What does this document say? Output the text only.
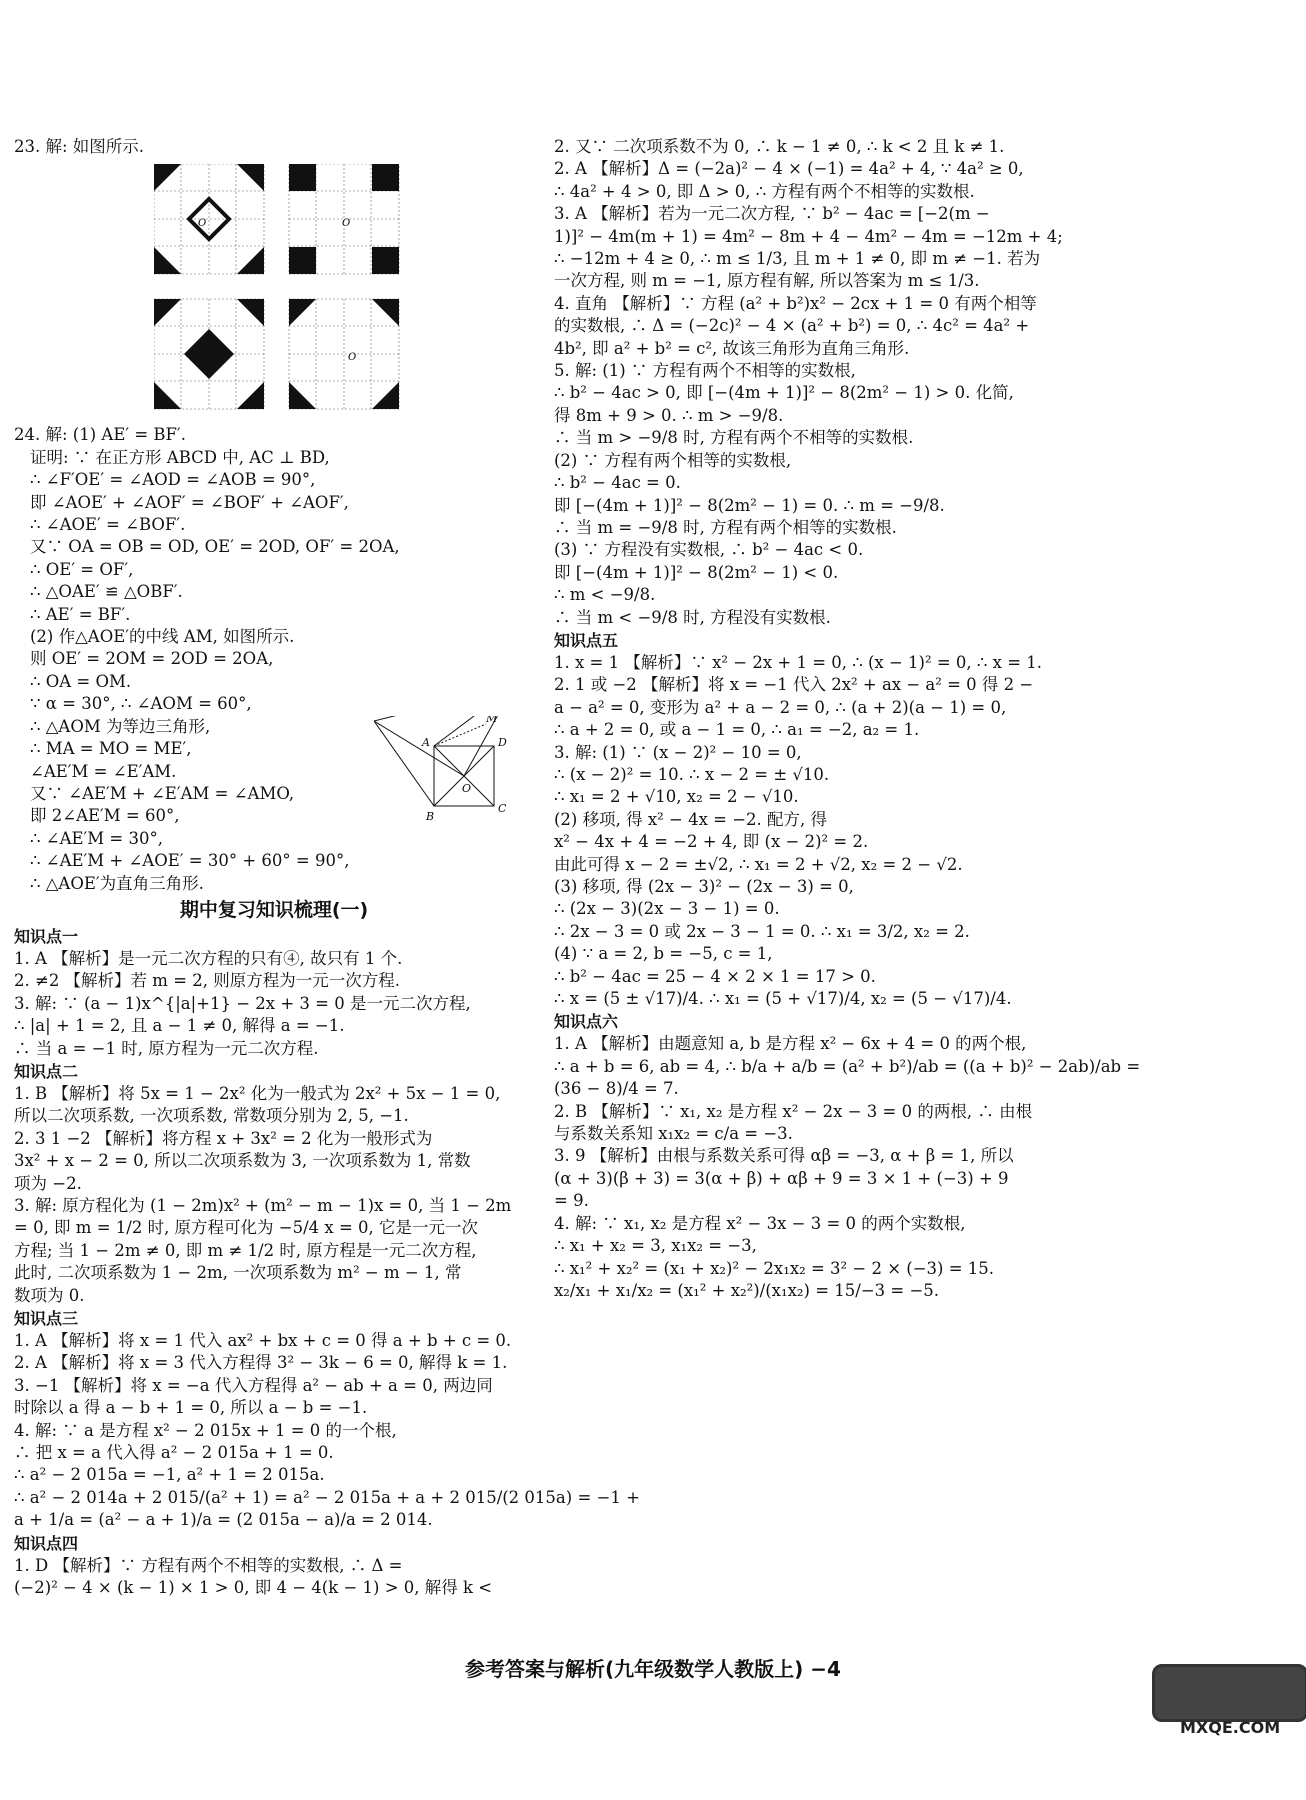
23. 解: 如图所示.
O	O
O
24. 解: (1) AE′ = BF′.
证明: ∵ 在正方形 ABCD 中, AC ⊥ BD,
∴ ∠F′OE′ = ∠AOD = ∠AOB = 90°,
即 ∠AOE′ + ∠AOF′ = ∠BOF′ + ∠AOF′,
∴ ∠AOE′ = ∠BOF′.
又∵ OA = OB = OD, OE′ = 2OD, OF′ = 2OA,
∴ OE′ = OF′,
∴ △OAE′ ≌ △OBF′.
∴ AE′ = BF′.
(2) 作△AOE′的中线 AM, 如图所示.
则 OE′ = 2OM = 2OD = 2OA,
∴ OA = OM.
∵ α = 30°, ∴ ∠AOM = 60°,
∴ △AOM 为等边三角形,
∴ MA = MO = ME′,
∠AE′M = ∠E′AM.
又∵ ∠AE′M + ∠E′AM = ∠AMO,
即 2∠AE′M = 60°,
∴ ∠AE′M = 30°,
∴ ∠AE′M + ∠AOE′ = 30° + 60° = 90°,
∴ △AOE′为直角三角形.
期中复习知识梳理(一)
知识点一
1. A 【解析】是一元二次方程的只有④, 故只有 1 个.
2. ≠2 【解析】若 m = 2, 则原方程为一元一次方程.
3. 解: ∵ (a − 1)x^{|a|+1} − 2x + 3 = 0 是一元二次方程,
∴ |a| + 1 = 2, 且 a − 1 ≠ 0, 解得 a = −1.
∴ 当 a = −1 时, 原方程为一元二次方程.
知识点二
1. B 【解析】将 5x = 1 − 2x² 化为一般式为 2x² + 5x − 1 = 0,
所以二次项系数, 一次项系数, 常数项分别为 2, 5, −1.
2. 3 1 −2 【解析】将方程 x + 3x² = 2 化为一般形式为
3x² + x − 2 = 0, 所以二次项系数为 3, 一次项系数为 1, 常数
项为 −2.
3. 解: 原方程化为 (1 − 2m)x² + (m² − m − 1)x = 0, 当 1 − 2m
= 0, 即 m = 1/2 时, 原方程可化为 −5/4 x = 0, 它是一元一次
方程; 当 1 − 2m ≠ 0, 即 m ≠ 1/2 时, 原方程是一元二次方程,
此时, 二次项系数为 1 − 2m, 一次项系数为 m² − m − 1, 常
数项为 0.
知识点三
1. A 【解析】将 x = 1 代入 ax² + bx + c = 0 得 a + b + c = 0.
2. A 【解析】将 x = 3 代入方程得 3² − 3k − 6 = 0, 解得 k = 1.
3. −1 【解析】将 x = −a 代入方程得 a² − ab + a = 0, 两边同
时除以 a 得 a − b + 1 = 0, 所以 a − b = −1.
4. 解: ∵ a 是方程 x² − 2 015x + 1 = 0 的一个根,
∴ 把 x = a 代入得 a² − 2 015a + 1 = 0.
∴ a² − 2 015a = −1, a² + 1 = 2 015a.
∴ a² − 2 014a + 2 015/(a² + 1) = a² − 2 015a + a + 2 015/(2 015a) = −1 +
a + 1/a = (a² − a + 1)/a = (2 015a − a)/a = 2 014.
知识点四
1. D 【解析】∵ 方程有两个不相等的实数根, ∴ Δ =
(−2)² − 4 × (k − 1) × 1 > 0, 即 4 − 4(k − 1) > 0, 解得 k <
A	D
B
C
O
M
2. 又∵ 二次项系数不为 0, ∴ k − 1 ≠ 0, ∴ k < 2 且 k ≠ 1.
2. A 【解析】Δ = (−2a)² − 4 × (−1) = 4a² + 4, ∵ 4a² ≥ 0,
∴ 4a² + 4 > 0, 即 Δ > 0, ∴ 方程有两个不相等的实数根.
3. A 【解析】若为一元二次方程, ∵ b² − 4ac = [−2(m −
1)]² − 4m(m + 1) = 4m² − 8m + 4 − 4m² − 4m = −12m + 4;
∴ −12m + 4 ≥ 0, ∴ m ≤ 1/3, 且 m + 1 ≠ 0, 即 m ≠ −1. 若为
一次方程, 则 m = −1, 原方程有解, 所以答案为 m ≤ 1/3.
4. 直角 【解析】∵ 方程 (a² + b²)x² − 2cx + 1 = 0 有两个相等
的实数根, ∴ Δ = (−2c)² − 4 × (a² + b²) = 0, ∴ 4c² = 4a² +
4b², 即 a² + b² = c², 故该三角形为直角三角形.
5. 解: (1) ∵ 方程有两个不相等的实数根,
∴ b² − 4ac > 0, 即 [−(4m + 1)]² − 8(2m² − 1) > 0. 化简,
得 8m + 9 > 0. ∴ m > −9/8.
∴ 当 m > −9/8 时, 方程有两个不相等的实数根.
(2) ∵ 方程有两个相等的实数根,
∴ b² − 4ac = 0.
即 [−(4m + 1)]² − 8(2m² − 1) = 0. ∴ m = −9/8.
∴ 当 m = −9/8 时, 方程有两个相等的实数根.
(3) ∵ 方程没有实数根, ∴ b² − 4ac < 0.
即 [−(4m + 1)]² − 8(2m² − 1) < 0.
∴ m < −9/8.
∴ 当 m < −9/8 时, 方程没有实数根.
知识点五
1. x = 1 【解析】∵ x² − 2x + 1 = 0, ∴ (x − 1)² = 0, ∴ x = 1.
2. 1 或 −2 【解析】将 x = −1 代入 2x² + ax − a² = 0 得 2 −
a − a² = 0, 变形为 a² + a − 2 = 0, ∴ (a + 2)(a − 1) = 0,
∴ a + 2 = 0, 或 a − 1 = 0, ∴ a₁ = −2, a₂ = 1.
3. 解: (1) ∵ (x − 2)² − 10 = 0,
∴ (x − 2)² = 10. ∴ x − 2 = ± √10.
∴ x₁ = 2 + √10, x₂ = 2 − √10.
(2) 移项, 得 x² − 4x = −2. 配方, 得
x² − 4x + 4 = −2 + 4, 即 (x − 2)² = 2.
由此可得 x − 2 = ±√2, ∴ x₁ = 2 + √2, x₂ = 2 − √2.
(3) 移项, 得 (2x − 3)² − (2x − 3) = 0,
∴ (2x − 3)(2x − 3 − 1) = 0.
∴ 2x − 3 = 0 或 2x − 3 − 1 = 0. ∴ x₁ = 3/2, x₂ = 2.
(4) ∵ a = 2, b = −5, c = 1,
∴ b² − 4ac = 25 − 4 × 2 × 1 = 17 > 0.
∴ x = (5 ± √17)/4. ∴ x₁ = (5 + √17)/4, x₂ = (5 − √17)/4.
知识点六
1. A 【解析】由题意知 a, b 是方程 x² − 6x + 4 = 0 的两个根,
∴ a + b = 6, ab = 4, ∴ b/a + a/b = (a² + b²)/ab = ((a + b)² − 2ab)/ab =
(36 − 8)/4 = 7.
2. B 【解析】∵ x₁, x₂ 是方程 x² − 2x − 3 = 0 的两根, ∴ 由根
与系数关系知 x₁x₂ = c/a = −3.
3. 9 【解析】由根与系数关系可得 αβ = −3, α + β = 1, 所以
(α + 3)(β + 3) = 3(α + β) + αβ + 9 = 3 × 1 + (−3) + 9
= 9.
4. 解: ∵ x₁, x₂ 是方程 x² − 3x − 3 = 0 的两个实数根,
∴ x₁ + x₂ = 3, x₁x₂ = −3,
∴ x₁² + x₂² = (x₁ + x₂)² − 2x₁x₂ = 3² − 2 × (−3) = 15.
x₂/x₁ + x₁/x₂ = (x₁² + x₂²)/(x₁x₂) = 15/−3 = −5.
参考答案与解析(九年级数学人教版上) −4
MXQE.COM
